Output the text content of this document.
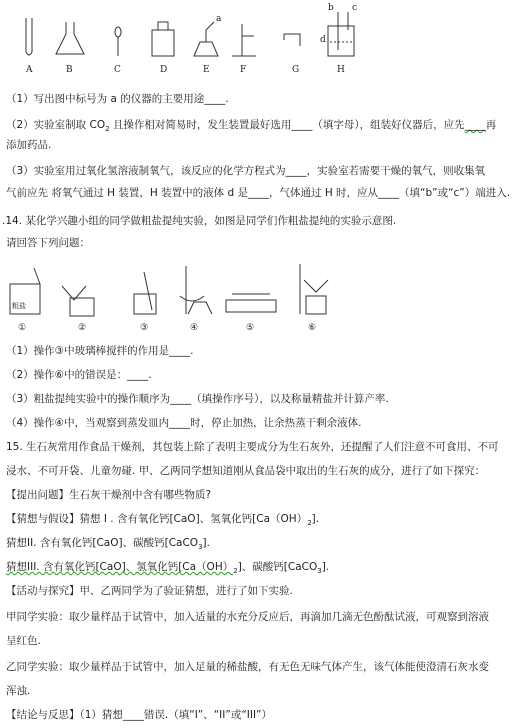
A	B	C	D	E	F	G	H
a
b c
d
（1）写出图中标号为 a 的仪器的主要用途____.
（2）实验室制取 $CO_2$ 且操作相对简易时，发生装置最好选用____（填字母），组装好仪器后，应先____再
添加药品.
（3）实验室用过氧化氢溶液制氧气，该反应的化学方程式为____，实验室若需要干燥的氧气，则收集氧
气前应先 将氧气通过 H 装置，H 装置中的液体 d 是____，气体通过 H 时，应从____（填“b”或“c”）端进入.
.14. 某化学兴趣小组的同学做粗盐提纯实验，如图是同学们作粗盐提纯的实验示意图.
请回答下列问题：
粗盐
①	②	③	④	⑤	⑥
（1）操作③中玻璃棒搅拌的作用是____.
（2）操作⑥中的错误是：____.
（3）粗盐提纯实验中的操作顺序为____（填操作序号），以及称量精盐并计算产率.
（4）操作④中，当观察到蒸发皿内____时，停止加热，让余热蒸干剩余液体.
15. 生石灰常用作食品干燥剂，其包装上除了表明主要成分为生石灰外，还提醒了人们注意不可食用、不可
浸水、不可开袋、儿童勿碰. 甲、乙两同学想知道刚从食品袋中取出的生石灰的成分，进行了如下探究：
【提出问题】生石灰干燥剂中含有哪些物质?
【猜想与假设】猜想 I . 含有氧化钙[CaO]、氢氧化钙$[Ca(OH)_2]$.
猜想II. 含有氧化钙[CaO]、碳酸钙[CaCO$_3$].
猜想III. 含有氧化钙[CaO]、氢氧化钙$[Ca(OH)_2]$、碳酸钙[CaCO$_3$].
【活动与探究】甲、乙两同学为了验证猜想，进行了如下实验.
甲同学实验：取少量样品于试管中，加入适量的水充分反应后，再滴加几滴无色酚酞试液，可观察到溶液
呈红色.
乙同学实验：取少量样品于试管中，加入足量的稀盐酸，有无色无味气体产生，该气体能使澄清石灰水变
浑浊.
【结论与反思】（1）猜想____错误.（填“I”、“II”或“III”）
